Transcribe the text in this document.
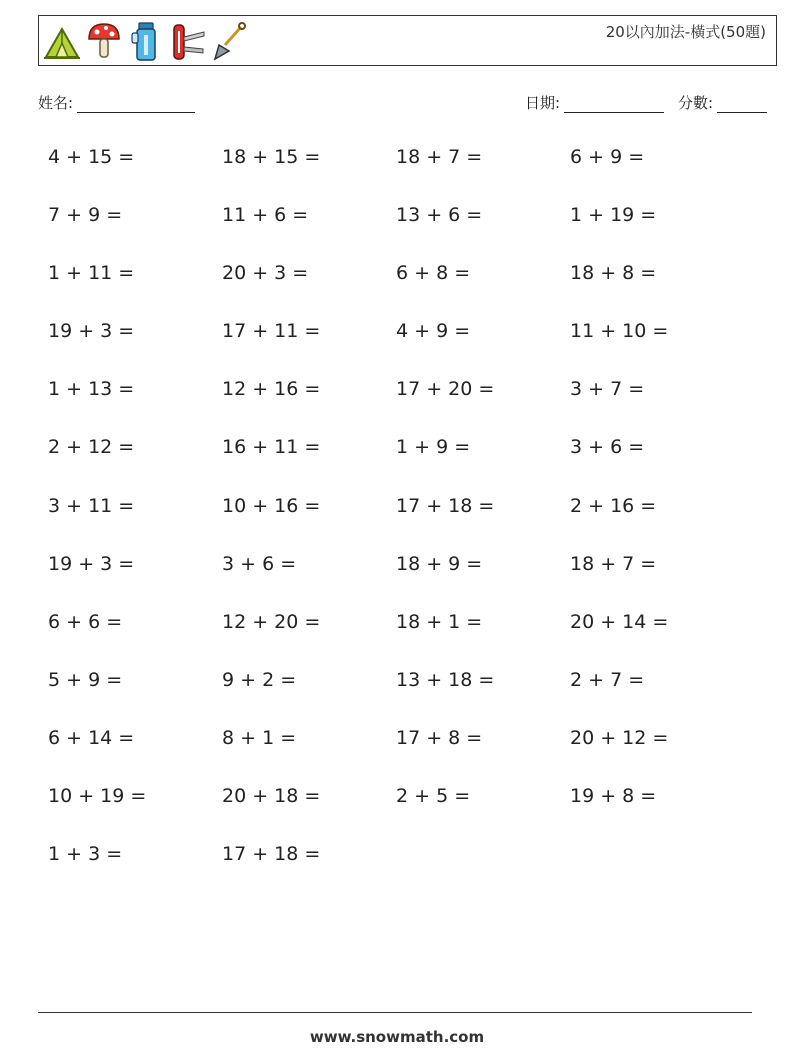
20以內加法-橫式(50題)
姓名:	日期:	分數:
4 + 15 =	18 + 15 =	18 + 7 =	6 + 9 =
7 + 9 =	11 + 6 =	13 + 6 =	1 + 19 =
1 + 11 =	20 + 3 =	6 + 8 =	18 + 8 =
19 + 3 =	17 + 11 =	4 + 9 =	11 + 10 =
1 + 13 =	12 + 16 =	17 + 20 =	3 + 7 =
2 + 12 =	16 + 11 =	1 + 9 =	3 + 6 =
3 + 11 =	10 + 16 =	17 + 18 =	2 + 16 =
19 + 3 =	3 + 6 =	18 + 9 =	18 + 7 =
6 + 6 =	12 + 20 =	18 + 1 =	20 + 14 =
5 + 9 =	9 + 2 =	13 + 18 =	2 + 7 =
6 + 14 =	8 + 1 =	17 + 8 =	20 + 12 =
10 + 19 =	20 + 18 =	2 + 5 =	19 + 8 =
1 + 3 =	17 + 18 =
www.snowmath.com
